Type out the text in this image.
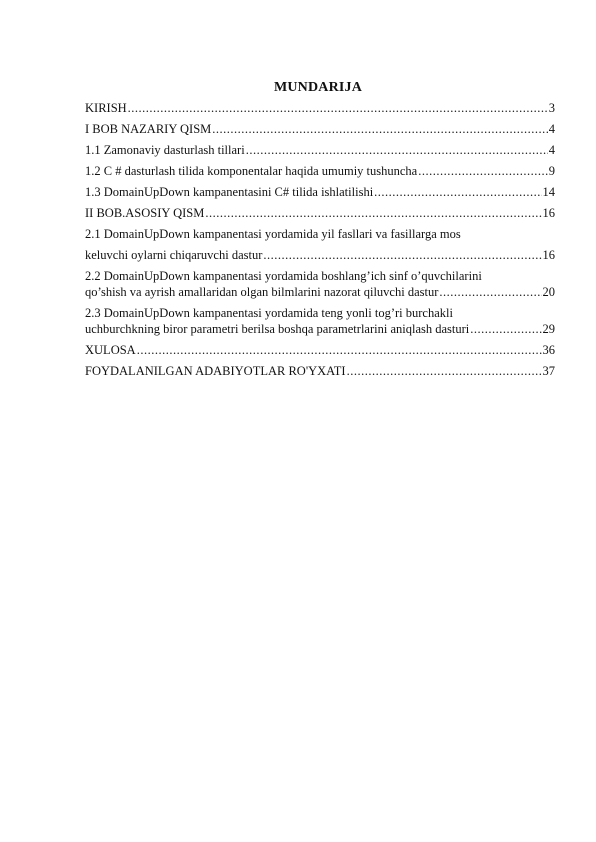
MUNDARIJA
KIRISH .....	3
I BOB NAZARIY QISM .....	4
1.1 Zamonaviy dasturlash tillari .....	4
1.2 C # dasturlash tilida komponentalar haqida umumiy tushuncha .....	9
1.3 DomainUpDown kampanentasini C# tilida ishlatilishi .....	14
II BOB.ASOSIY QISM .....	16
2.1 DomainUpDown kampanentasi yordamida yil fasllari va fasillarga mos
keluvchi oylarni chiqaruvchi dastur .....	16
2.2 DomainUpDown kampanentasi yordamida boshlang’ich sinf o’quvchilarini
qo’shish va ayrish amallaridan olgan bilmlarini nazorat qiluvchi dastur .....	20
2.3 DomainUpDown kampanentasi yordamida teng yonli tog’ri burchakli
uchburchkning biror parametri berilsa boshqa parametrlarini aniqlash dasturi .....	29
XULOSA .....	36
FOYDALANILGAN ADABIYOTLAR RO'YXATI .....	37
